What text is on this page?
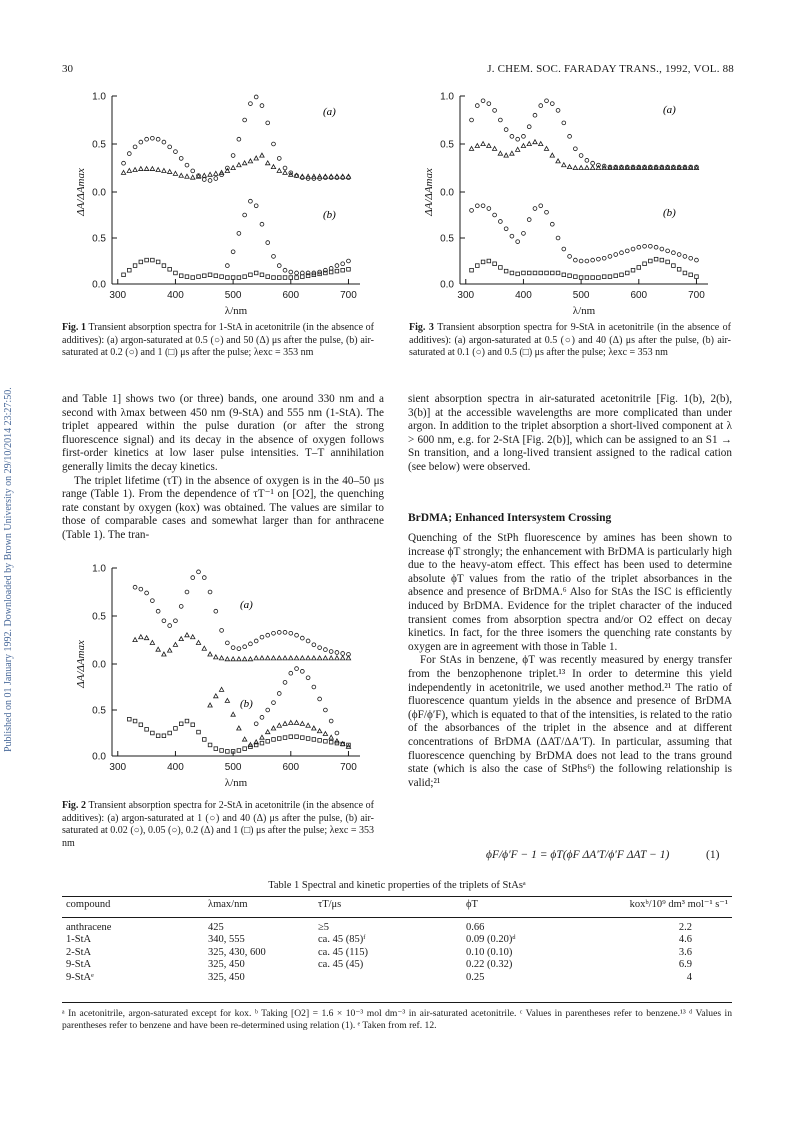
Published on 01 January 1992. Downloaded by Brown University on 29/10/2014 23:27:50.
30	J. CHEM. SOC. FARADAY TRANS., 1992, VOL. 88
(a)
(b)
1.0
0.5
0.0
0.5
0.0
300	400	500	600	700
λ/nm
ΔA/ΔAmax
Fig. 1 Transient absorption spectra for 1-StA in acetonitrile (in the absence of additives): (a) argon-saturated at 0.5 (○) and 50 (Δ) μs after the pulse, (b) air-saturated at 0.2 (○) and 1 (□) μs after the pulse; λexc = 353 nm
(a)
(b)
1.0
0.5
0.0
0.5
0.0
300	400	500	600	700
λ/nm
ΔA/ΔAmax
Fig. 3 Transient absorption spectra for 9-StA in acetonitrile (in the absence of additives): (a) argon-saturated at 0.5 (○) and 40 (Δ) μs after the pulse, (b) air-saturated at 0.1 (○) and 0.5 (□) μs after the pulse; λexc = 353 nm

and Table 1] shows two (or three) bands, one around 330 nm and a second with λmax between 450 nm (9-StA) and 555 nm (1-StA). The triplet appeared within the pulse duration (or after the strong fluorescence signal) and its decay in the absence of oxygen follows first-order kinetics at low laser pulse intensities. T–T annihilation generally limits the decay kinetics.

The triplet lifetime (τT) in the absence of oxygen is in the 40–50 μs range (Table 1). From the dependence of τT⁻¹ on [O2], the quenching rate constant by oxygen (kox) was obtained. The values are similar to those of comparable cases and somewhat larger than for anthracene (Table 1). The tran-

(a)
(b)
1.0
0.5
0.0
0.5
0.0
300	400	500	600	700
λ/nm
ΔA/ΔAmax
Fig. 2 Transient absorption spectra for 2-StA in acetonitrile (in the absence of additives): (a) argon-saturated at 1 (○) and 40 (Δ) μs after the pulse, (b) air-saturated at 0.02 (○), 0.05 (○), 0.2 (Δ) and 1 (□) μs after the pulse; λexc = 353 nm

sient absorption spectra in air-saturated acetonitrile [Fig. 1(b), 2(b), 3(b)] at the accessible wavelengths are more complicated than under argon. In addition to the triplet absorption a short-lived component at λ > 600 nm, e.g. for 2-StA [Fig. 2(b)], which can be assigned to an S1 → Sn transition, and a long-lived transient assigned to the radical cation (see below) were observed.

BrDMA; Enhanced Intersystem Crossing

Quenching of the StPh fluorescence by amines has been shown to increase ϕT strongly; the enhancement with BrDMA is particularly high due to the heavy-atom effect. This effect has been used to determine absolute ϕT values from the ratio of the triplet absorbances in the absence and presence of BrDMA.⁶ Also for StAs the ISC is efficiently induced by BrDMA. Evidence for the triplet character of the induced transient comes from absorption spectra and/or O2 effect on decay kinetics. In fact, for the three isomers the quenching rate constants by oxygen are in agreement with those in Table 1.

For StAs in benzene, ϕT was recently measured by energy transfer from the benzophenone triplet.¹³ In order to determine this yield independently in acetonitrile, we used another method.²¹ The ratio of fluorescence quantum yields in the absence and presence of BrDMA (ϕF/ϕ′F), which is equated to that of the intensities, is related to the ratio of the absorbances of the triplet in the absence and at different concentrations of BrDMA (ΔAT/ΔA′T). In particular, assuming that fluorescence quenching by BrDMA does not lead to the trans ground state (which is also the case of StPhs⁶) the following relationship is valid;²¹

ϕF/ϕ′F − 1 = ϕT(ϕF ΔA′T/ϕ′F ΔAT − 1)	(1)
Table 1 Spectral and kinetic properties of the triplets of StAsᵃ
compound	λmax/nm	τT/μs	ϕT	koxᵇ/10⁹ dm³ mol⁻¹ s⁻¹

anthracene	425	≥5	0.66	2.2
1-StA	340, 555	ca. 45 (85)ᶠ	0.09 (0.20)ᵈ	4.6
2-StA	325, 430, 600	ca. 45 (115)	0.10 (0.10)	3.6
9-StA	325, 450	ca. 45 (45)	0.22 (0.32)	6.9
9-StAᵉ	325, 450		0.25	4
ᵃ In acetonitrile, argon-saturated except for kox. ᵇ Taking [O2] = 1.6 × 10⁻³ mol dm⁻³ in air-saturated acetonitrile. ᶜ Values in parentheses refer to benzene.¹³ ᵈ Values in parentheses refer to benzene and have been re-determined using relation (1). ᵉ Taken from ref. 12.
